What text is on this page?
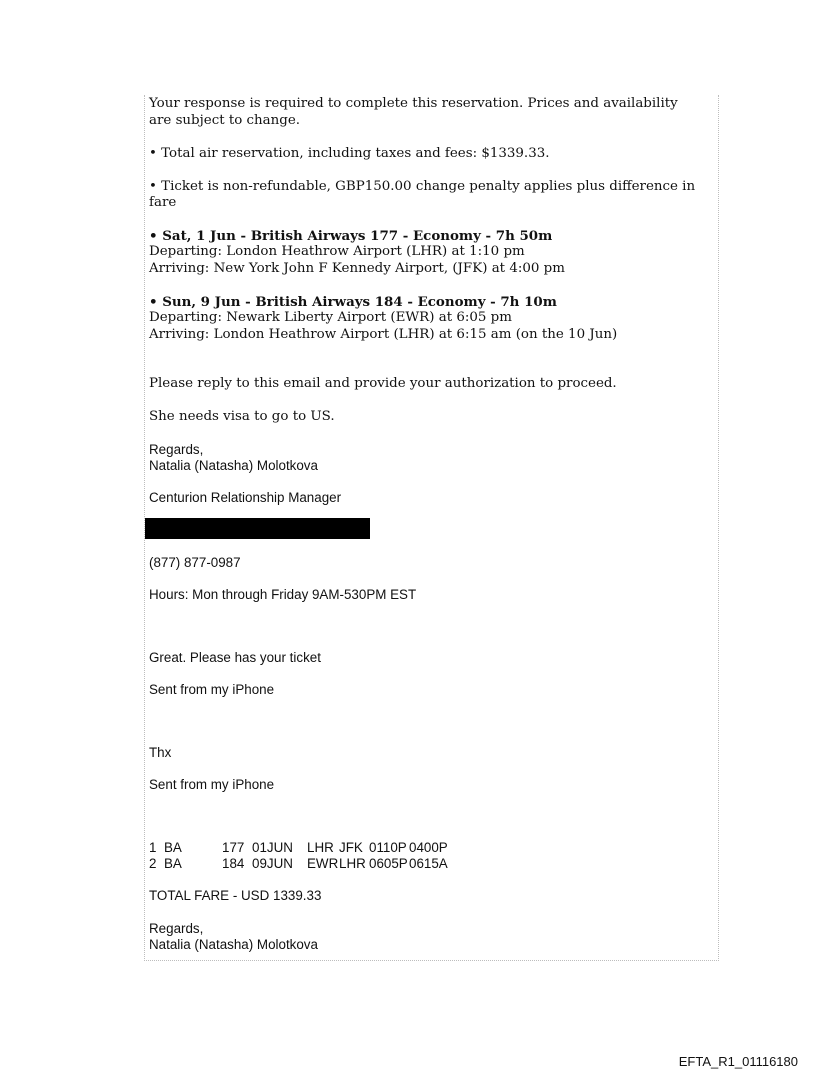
Your response is required to complete this reservation. Prices and availability
are subject to change.
• Total air reservation, including taxes and fees: $1339.33.
• Ticket is non-refundable, GBP150.00 change penalty applies plus difference in
fare
• Sat, 1 Jun - British Airways 177 - Economy - 7h 50m
Departing: London Heathrow Airport (LHR) at 1:10 pm
Arriving: New York John F Kennedy Airport, (JFK) at 4:00 pm
• Sun, 9 Jun - British Airways 184 - Economy - 7h 10m
Departing: Newark Liberty Airport (EWR) at 6:05 pm
Arriving: London Heathrow Airport (LHR) at 6:15 am (on the 10 Jun)
Please reply to this email and provide your authorization to proceed.
She needs visa to go to US.
Regards,
Natalia (Natasha) Molotkova
Centurion Relationship Manager
(877) 877-0987
Hours: Mon through Friday 9AM-530PM EST
Great. Please has your ticket
Sent from my iPhone
Thx
Sent from my iPhone
1 BA	177 01JUN LHR JFK 0110P 0400P
2 BA	184 09JUN EWR LHR 0605P 0615A
TOTAL FARE - USD 1339.33
Regards,
Natalia (Natasha) Molotkova
EFTA_R1_01116180
